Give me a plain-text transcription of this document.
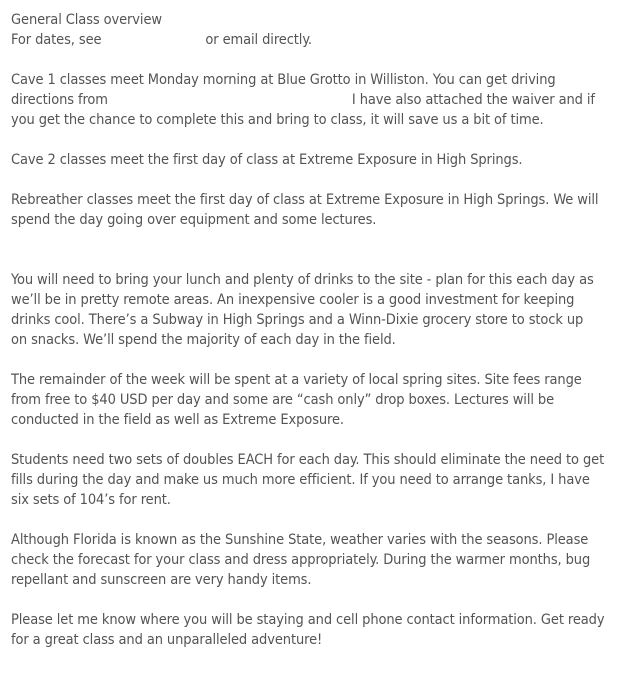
General Class overview
For dates, see	or email directly.
Cave 1 classes meet Monday morning at Blue Grotto in Williston. You can get driving
directions from	I have also attached the waiver and if
you get the chance to complete this and bring to class, it will save us a bit of time.
Cave 2 classes meet the first day of class at Extreme Exposure in High Springs.
Rebreather classes meet the first day of class at Extreme Exposure in High Springs. We will
spend the day going over equipment and some lectures.
You will need to bring your lunch and plenty of drinks to the site - plan for this each day as
we’ll be in pretty remote areas. An inexpensive cooler is a good investment for keeping
drinks cool. There’s a Subway in High Springs and a Winn-Dixie grocery store to stock up
on snacks. We’ll spend the majority of each day in the field.
The remainder of the week will be spent at a variety of local spring sites. Site fees range
from free to $40 USD per day and some are “cash only” drop boxes. Lectures will be
conducted in the field as well as Extreme Exposure.
Students need two sets of doubles EACH for each day. This should eliminate the need to get
fills during the day and make us much more efficient. If you need to arrange tanks, I have
six sets of 104’s for rent.
Although Florida is known as the Sunshine State, weather varies with the seasons. Please
check the forecast for your class and dress appropriately. During the warmer months, bug
repellant and sunscreen are very handy items.
Please let me know where you will be staying and cell phone contact information. Get ready
for a great class and an unparalleled adventure!
